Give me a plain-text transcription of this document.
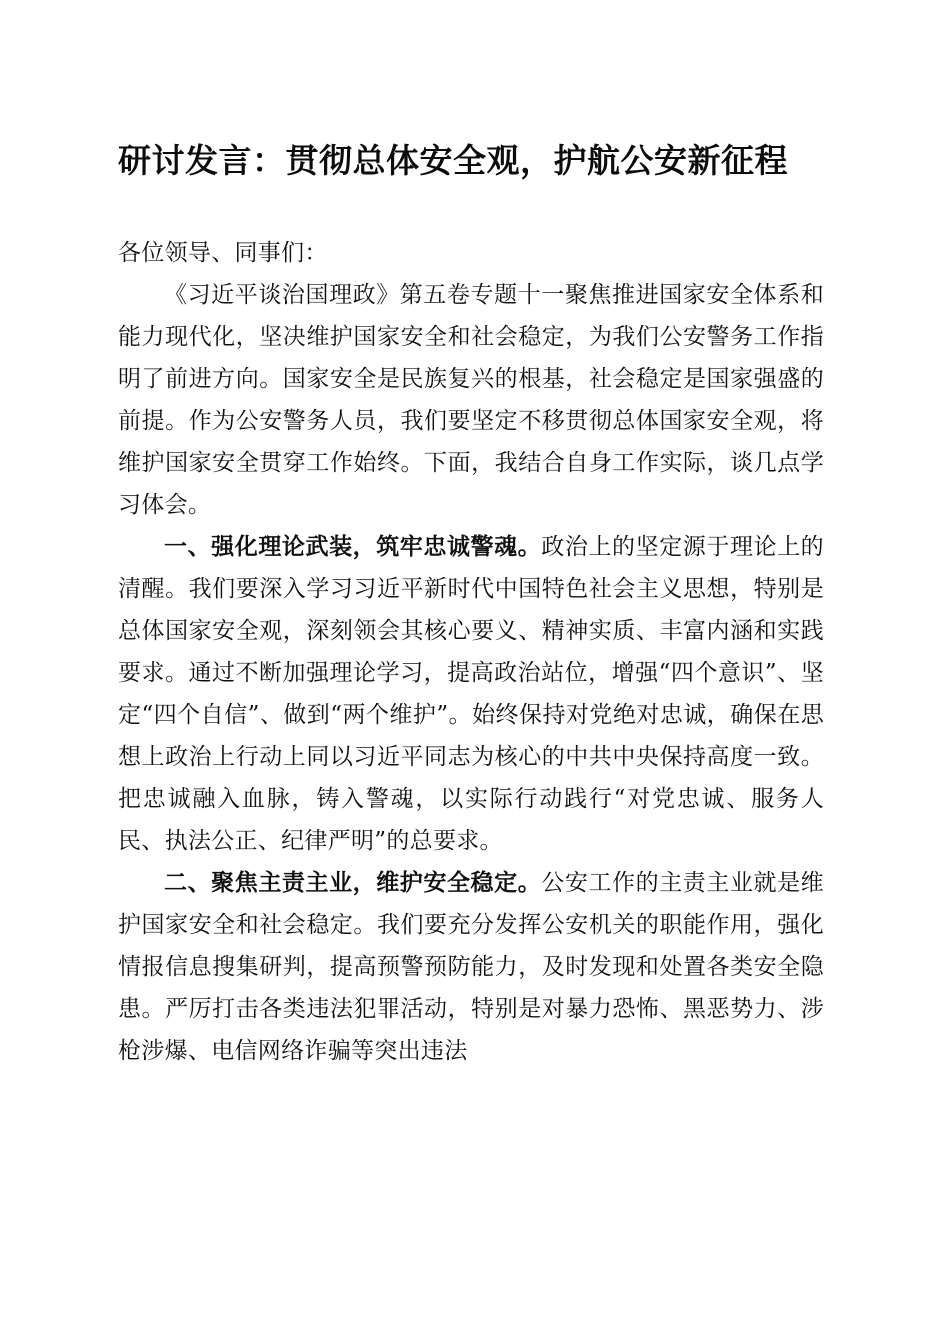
研讨发言：贯彻总体安全观，护航公安新征程

各位领导、同事们：

《习近平谈治国理政》第五卷专题十一聚焦推进国家安全体系和能力现代化，坚决维护国家安全和社会稳定，为我们公安警务工作指明了前进方向。国家安全是民族复兴的根基，社会稳定是国家强盛的前提。作为公安警务人员，我们要坚定不移贯彻总体国家安全观，将维护国家安全贯穿工作始终。下面，我结合自身工作实际，谈几点学习体会。

一、强化理论武装，筑牢忠诚警魂。政治上的坚定源于理论上的清醒。我们要深入学习习近平新时代中国特色社会主义思想，特别是总体国家安全观，深刻领会其核心要义、精神实质、丰富内涵和实践要求。通过不断加强理论学习，提高政治站位，增强“四个意识”、坚定“四个自信”、做到“两个维护”。始终保持对党绝对忠诚，确保在思想上政治上行动上同以习近平同志为核心的中共中央保持高度一致。把忠诚融入血脉，铸入警魂，以实际行动践行“对党忠诚、服务人民、执法公正、纪律严明”的总要求。

二、聚焦主责主业，维护安全稳定。公安工作的主责主业就是维护国家安全和社会稳定。我们要充分发挥公安机关的职能作用，强化情报信息搜集研判，提高预警预防能力，及时发现和处置各类安全隐患。严厉打击各类违法犯罪活动，特别是对暴力恐怖、黑恶势力、涉枪涉爆、电信网络诈骗等突出违法
